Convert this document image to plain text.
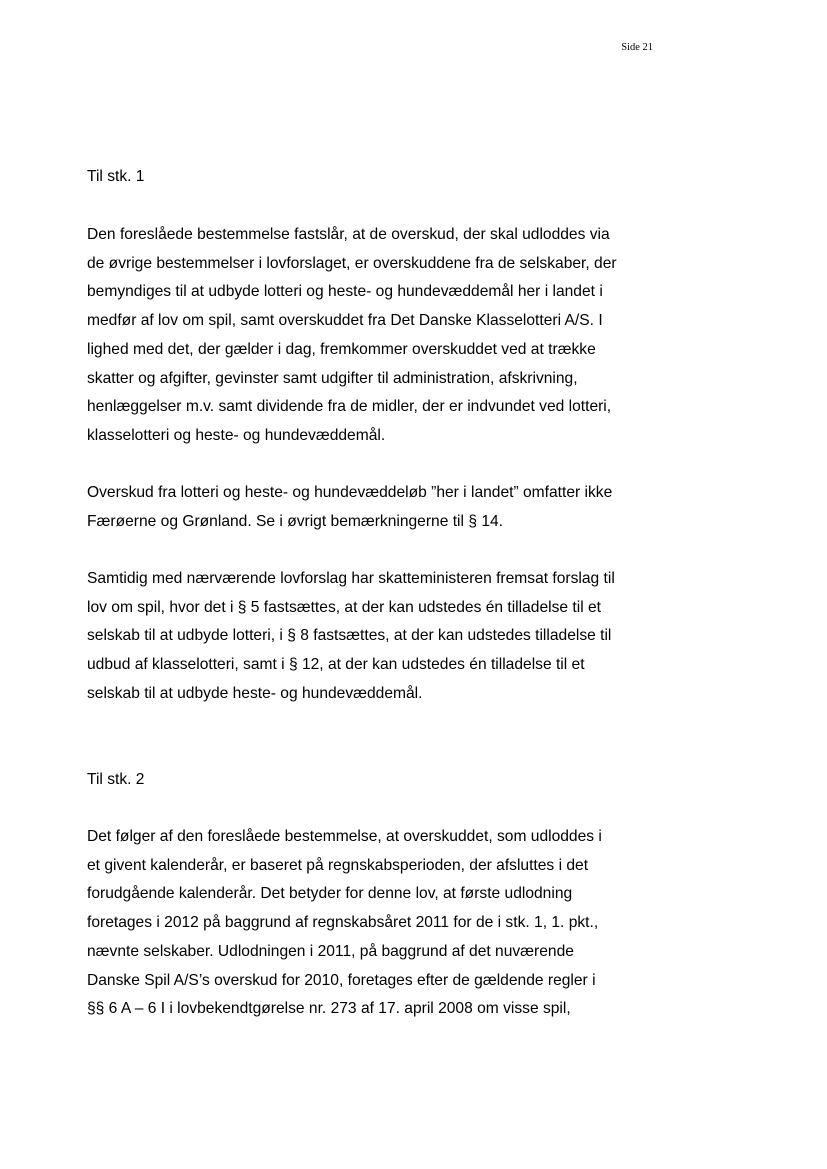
Side 21
Til stk. 1
Den foreslåede bestemmelse fastslår, at de overskud, der skal udloddes via
de øvrige bestemmelser i lovforslaget, er overskuddene fra de selskaber, der
bemyndiges til at udbyde lotteri og heste- og hundevæddemål her i landet i
medfør af lov om spil, samt overskuddet fra Det Danske Klasselotteri A/S. I
lighed med det, der gælder i dag, fremkommer overskuddet ved at trække
skatter og afgifter, gevinster samt udgifter til administration, afskrivning,
henlæggelser m.v. samt dividende fra de midler, der er indvundet ved lotteri,
klasselotteri og heste- og hundevæddemål.
Overskud fra lotteri og heste- og hundevæddeløb ”her i landet” omfatter ikke
Færøerne og Grønland. Se i øvrigt bemærkningerne til § 14.
Samtidig med nærværende lovforslag har skatteministeren fremsat forslag til
lov om spil, hvor det i § 5 fastsættes, at der kan udstedes én tilladelse til et
selskab til at udbyde lotteri, i § 8 fastsættes, at der kan udstedes tilladelse til
udbud af klasselotteri, samt i § 12, at der kan udstedes én tilladelse til et
selskab til at udbyde heste- og hundevæddemål.
Til stk. 2
Det følger af den foreslåede bestemmelse, at overskuddet, som udloddes i
et givent kalenderår, er baseret på regnskabsperioden, der afsluttes i det
forudgående kalenderår. Det betyder for denne lov, at første udlodning
foretages i 2012 på baggrund af regnskabsåret 2011 for de i stk. 1, 1. pkt.,
nævnte selskaber. Udlodningen i 2011, på baggrund af det nuværende
Danske Spil A/S’s overskud for 2010, foretages efter de gældende regler i
§§ 6 A – 6 I i lovbekendtgørelse nr. 273 af 17. april 2008 om visse spil,
